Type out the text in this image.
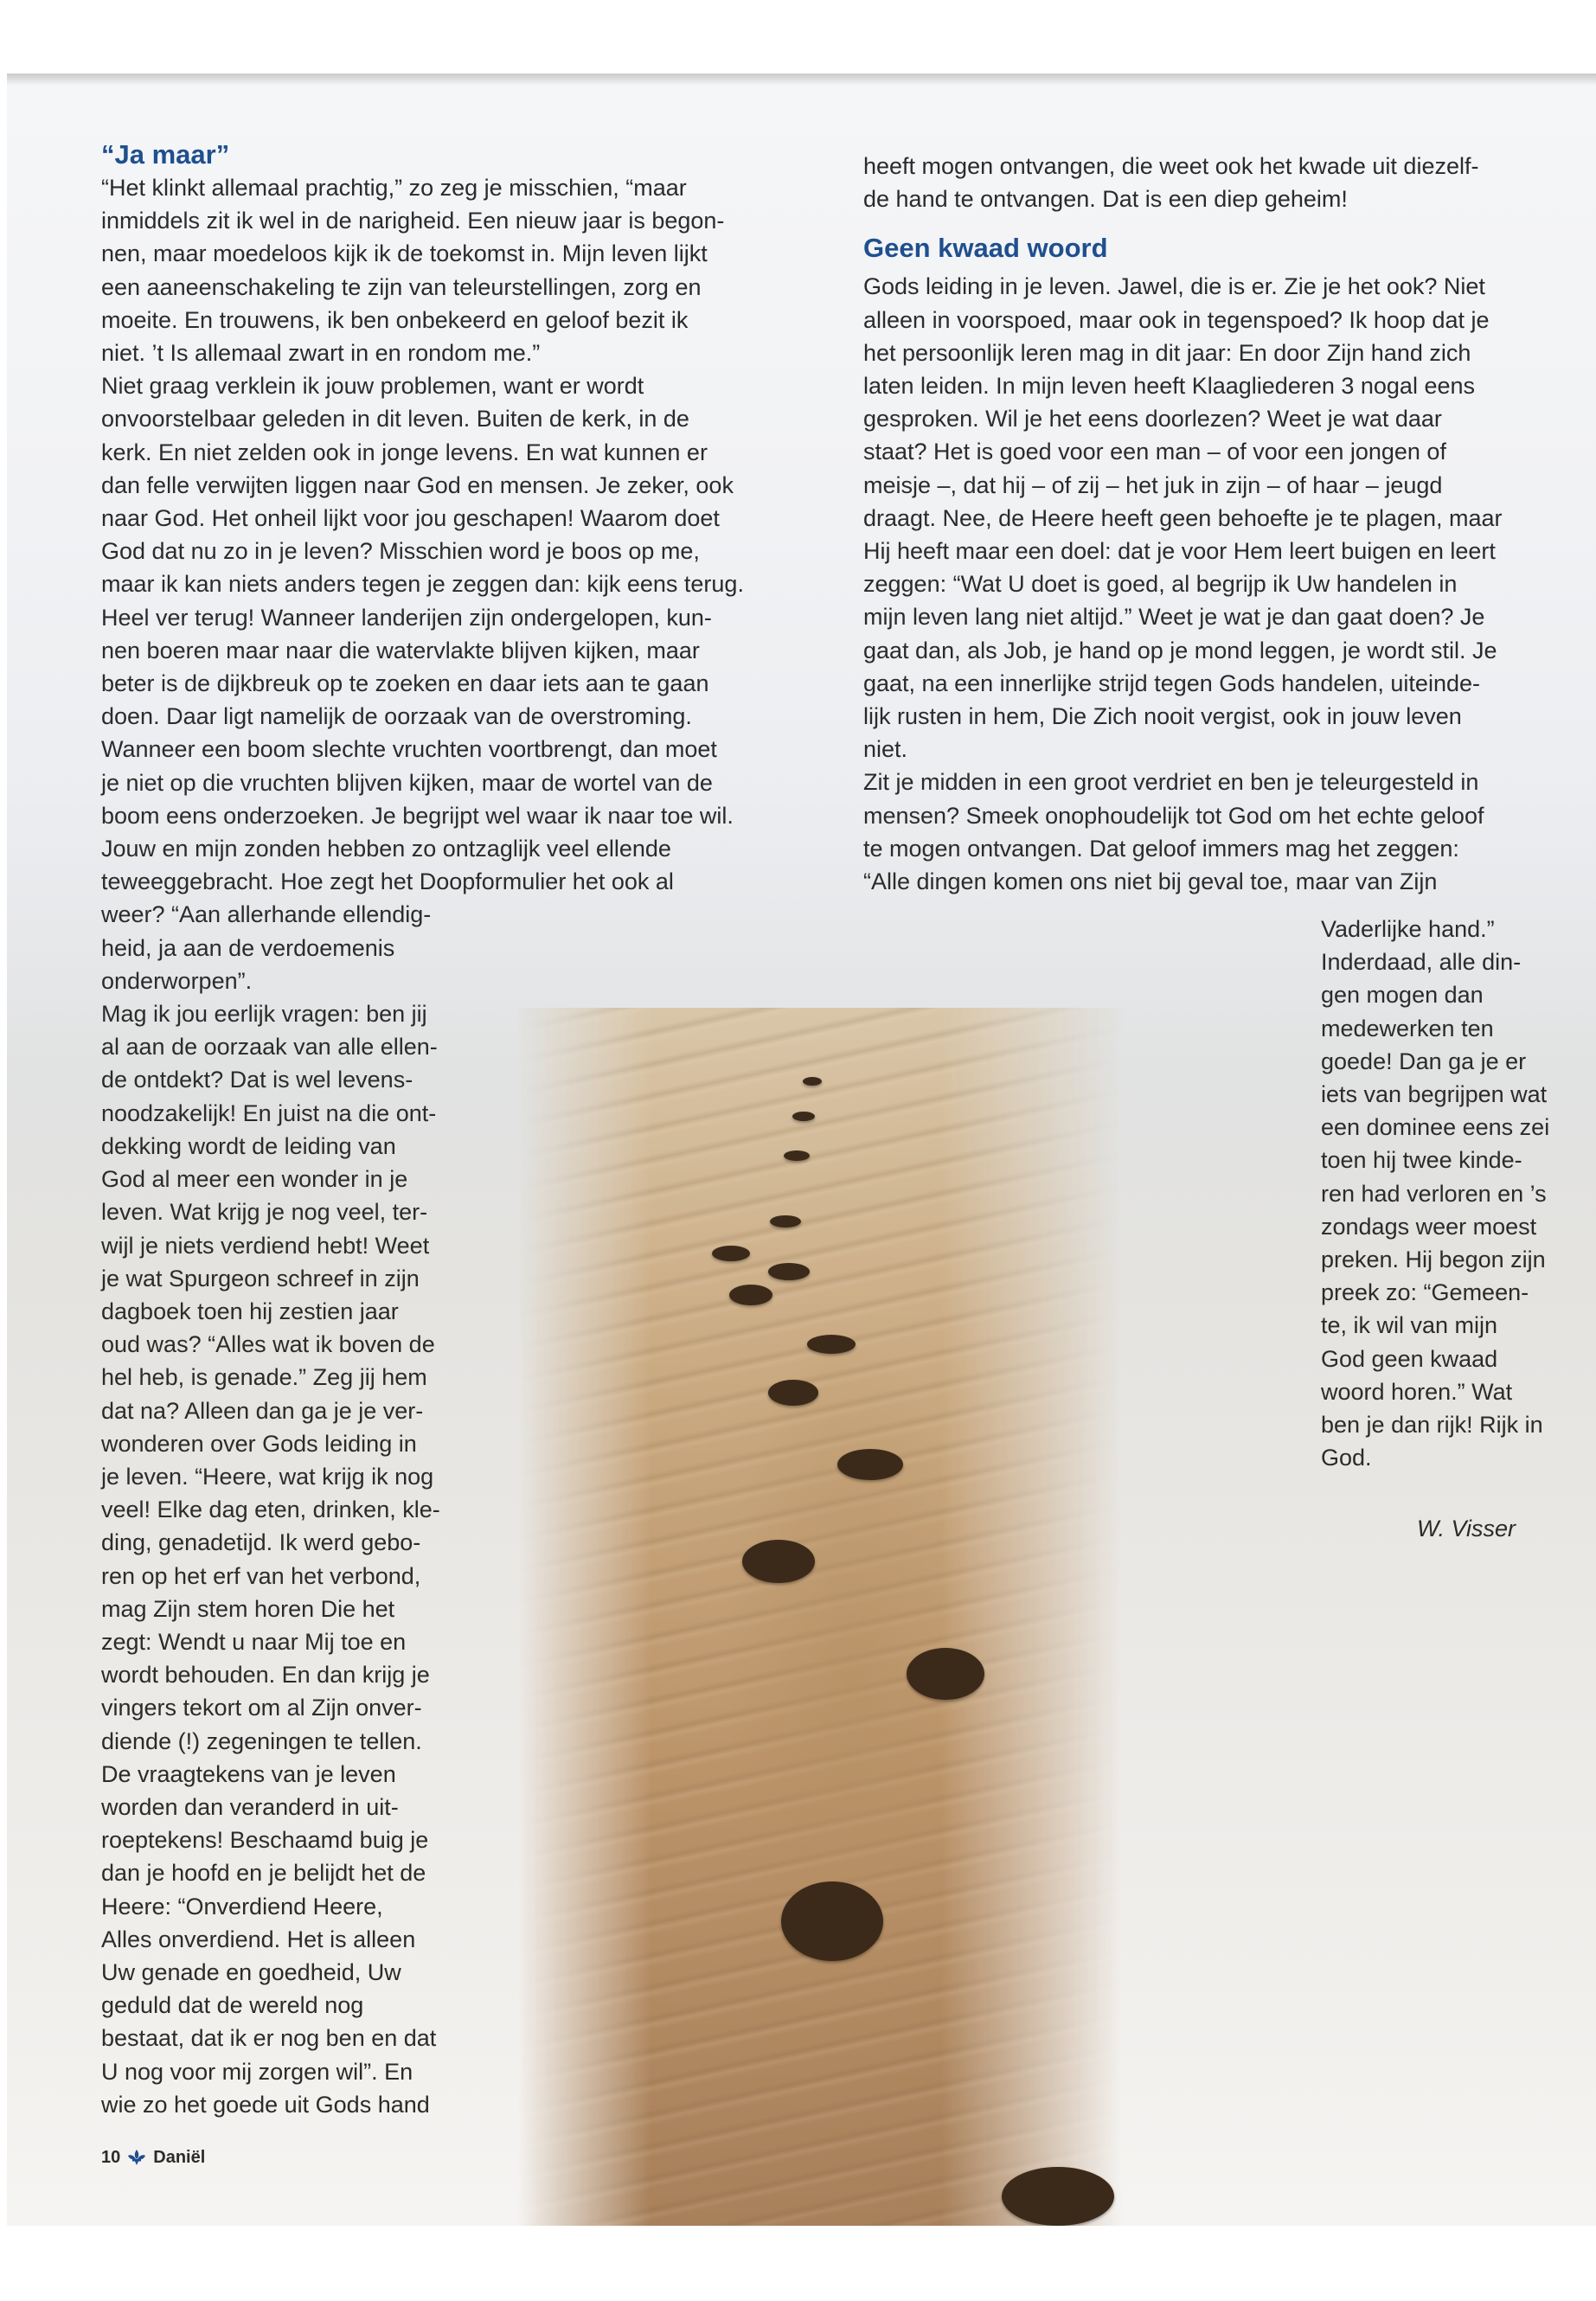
“Ja maar”
“Het klinkt allemaal prachtig,” zo zeg je misschien, “maar
inmiddels zit ik wel in de narigheid. Een nieuw jaar is begon-
nen, maar moedeloos kijk ik de toekomst in. Mijn leven lijkt
een aaneenschakeling te zijn van teleurstellingen, zorg en
moeite. En trouwens, ik ben onbekeerd en geloof bezit ik
niet. ’t Is allemaal zwart in en rondom me.”
Niet graag verklein ik jouw problemen, want er wordt
onvoorstelbaar geleden in dit leven. Buiten de kerk, in de
kerk. En niet zelden ook in jonge levens. En wat kunnen er
dan felle verwijten liggen naar God en mensen. Je zeker, ook
naar God. Het onheil lijkt voor jou geschapen! Waarom doet
God dat nu zo in je leven? Misschien word je boos op me,
maar ik kan niets anders tegen je zeggen dan: kijk eens terug.
Heel ver terug! Wanneer landerijen zijn ondergelopen, kun-
nen boeren maar naar die watervlakte blijven kijken, maar
beter is de dijkbreuk op te zoeken en daar iets aan te gaan
doen. Daar ligt namelijk de oorzaak van de overstroming.
Wanneer een boom slechte vruchten voortbrengt, dan moet
je niet op die vruchten blijven kijken, maar de wortel van de
boom eens onderzoeken. Je begrijpt wel waar ik naar toe wil.
Jouw en mijn zonden hebben zo ontzaglijk veel ellende
teweeggebracht. Hoe zegt het Doopformulier het ook al
weer? “Aan allerhande ellendig-
heid, ja aan de verdoemenis
onderworpen”.
Mag ik jou eerlijk vragen: ben jij
al aan de oorzaak van alle ellen-
de ontdekt? Dat is wel levens-
noodzakelijk! En juist na die ont-
dekking wordt de leiding van
God al meer een wonder in je
leven. Wat krijg je nog veel, ter-
wijl je niets verdiend hebt! Weet
je wat Spurgeon schreef in zijn
dagboek toen hij zestien jaar
oud was? “Alles wat ik boven de
hel heb, is genade.” Zeg jij hem
dat na? Alleen dan ga je je ver-
wonderen over Gods leiding in
je leven. “Heere, wat krijg ik nog
veel! Elke dag eten, drinken, kle-
ding, genadetijd. Ik werd gebo-
ren op het erf van het verbond,
mag Zijn stem horen Die het
zegt: Wendt u naar Mij toe en
wordt behouden. En dan krijg je
vingers tekort om al Zijn onver-
diende (!) zegeningen te tellen.
De vraagtekens van je leven
worden dan veranderd in uit-
roeptekens! Beschaamd buig je
dan je hoofd en je belijdt het de
Heere: “Onverdiend Heere,
Alles onverdiend. Het is alleen
Uw genade en goedheid, Uw
geduld dat de wereld nog
bestaat, dat ik er nog ben en dat
U nog voor mij zorgen wil”. En
wie zo het goede uit Gods hand
heeft mogen ontvangen, die weet ook het kwade uit diezelf-
de hand te ontvangen. Dat is een diep geheim!
Geen kwaad woord
Gods leiding in je leven. Jawel, die is er. Zie je het ook? Niet
alleen in voorspoed, maar ook in tegenspoed? Ik hoop dat je
het persoonlijk leren mag in dit jaar: En door Zijn hand zich
laten leiden. In mijn leven heeft Klaagliederen 3 nogal eens
gesproken. Wil je het eens doorlezen? Weet je wat daar
staat? Het is goed voor een man – of voor een jongen of
meisje –, dat hij – of zij – het juk in zijn – of haar – jeugd
draagt. Nee, de Heere heeft geen behoefte je te plagen, maar
Hij heeft maar een doel: dat je voor Hem leert buigen en leert
zeggen: “Wat U doet is goed, al begrijp ik Uw handelen in
mijn leven lang niet altijd.” Weet je wat je dan gaat doen? Je
gaat dan, als Job, je hand op je mond leggen, je wordt stil. Je
gaat, na een innerlijke strijd tegen Gods handelen, uiteinde-
lijk rusten in hem, Die Zich nooit vergist, ook in jouw leven
niet.
Zit je midden in een groot verdriet en ben je teleurgesteld in
mensen? Smeek onophoudelijk tot God om het echte geloof
te mogen ontvangen. Dat geloof immers mag het zeggen:
“Alle dingen komen ons niet bij geval toe, maar van Zijn
Vaderlijke hand.”
Inderdaad, alle din-
gen mogen dan
medewerken ten
goede! Dan ga je er
iets van begrijpen wat
een dominee eens zei
toen hij twee kinde-
ren had verloren en ’s
zondags weer moest
preken. Hij begon zijn
preek zo: “Gemeen-
te, ik wil van mijn
God geen kwaad
woord horen.” Wat
ben je dan rijk! Rijk in
God.
W. Visser
10 Daniël
